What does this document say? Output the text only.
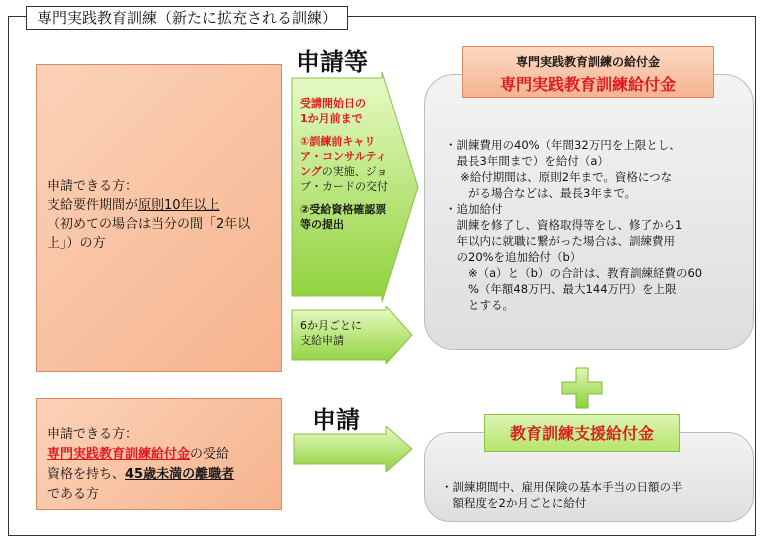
専門実践教育訓練（新たに拡充される訓練）
申請できる方：
支給要件期間が原則10年以上
（初めての場合は当分の間「2年以
上」）の方
申請できる方：
専門実践教育訓練給付金の受給
資格を持ち、45歳未満の離職者
である方
申請等
受講開始日の
1か月前まで
①訓練前キャリア・コンサルティングの実施、ジョブ・カードの交付
②受給資格確認票等の提出
6か月ごとに
支給申請
申請
・訓練費用の40%（年間32万円を上限とし、
　最長3年間まで）を給付（a）
　 ※給付期間は、原則2年まで。資格につな
　　がる場合などは、最長3年まで。
・追加給付
　訓練を修了し、資格取得等をし、修了から1
　年以内に就職に繋がった場合は、訓練費用
　の20%を追加給付（b）
　　※（a）と（b）の合計は、教育訓練経費の60
　　%（年額48万円、最大144万円）を上限
　　とする。
専門実践教育訓練の給付金
専門実践教育訓練給付金
・訓練期間中、雇用保険の基本手当の日額の半
　額程度を2か月ごとに給付
教育訓練支援給付金
